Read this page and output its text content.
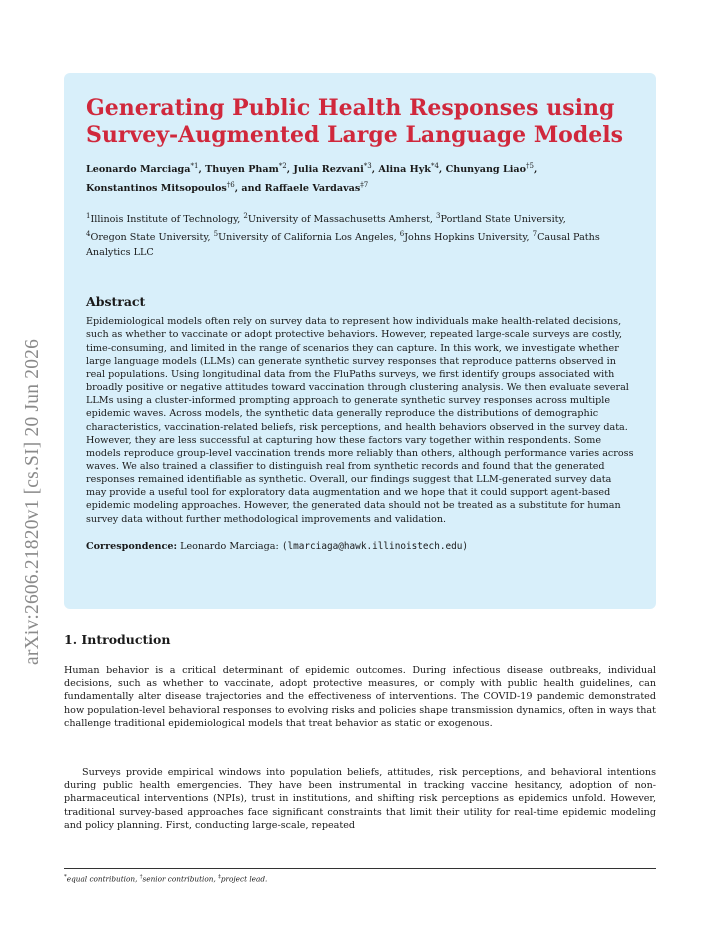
arXiv:2606.21820v1 [cs.SI] 20 Jun 2026
Generating Public Health Responses using Survey-Augmented Large Language Models

Leonardo Marciaga$^{*1}$, Thuyen Pham$^{*2}$, Julia Rezvani$^{*3}$, Alina Hyk$^{*4}$, Chunyang Liao$^{\dagger 5}$,
Konstantinos Mitsopoulos$^{\dagger 6}$, and Raffaele Vardavas$^{\ddagger 7}$

$^1$Illinois Institute of Technology, $^2$University of Massachusetts Amherst, $^3$Portland State University,
$^4$Oregon State University, $^5$University of California Los Angeles, $^6$Johns Hopkins University, $^7$Causal Paths Analytics LLC

Abstract

Epidemiological models often rely on survey data to represent how individuals make health-related decisions, such as whether to vaccinate or adopt protective behaviors. However, repeated large-scale surveys are costly, time-consuming, and limited in the range of scenarios they can capture. In this work, we investigate whether large language models (LLMs) can generate synthetic survey responses that reproduce patterns observed in real populations. Using longitudinal data from the FluPaths surveys, we first identify groups associated with broadly positive or negative attitudes toward vaccination through clustering analysis. We then evaluate several LLMs using a cluster-informed prompting approach to generate synthetic survey responses across multiple epidemic waves. Across models, the synthetic data generally reproduce the distributions of demographic characteristics, vaccination-related beliefs, risk perceptions, and health behaviors observed in the survey data. However, they are less successful at capturing how these factors vary together within respondents. Some models reproduce group-level vaccination trends more reliably than others, although performance varies across waves. We also trained a classifier to distinguish real from synthetic records and found that the generated responses remained identifiable as synthetic. Overall, our findings suggest that LLM-generated survey data may provide a useful tool for exploratory data augmentation and we hope that it could support agent-based epidemic modeling approaches. However, the generated data should not be treated as a substitute for human survey data without further methodological improvements and validation.

Correspondence: Leonardo Marciaga: (lmarciaga@hawk.illinoistech.edu)

1. Introduction

Human behavior is a critical determinant of epidemic outcomes. During infectious disease outbreaks, individual decisions, such as whether to vaccinate, adopt protective measures, or comply with public health guidelines, can fundamentally alter disease trajectories and the effectiveness of interventions. The COVID-19 pandemic demonstrated how population-level behavioral responses to evolving risks and policies shape transmission dynamics, often in ways that challenge traditional epidemiological models that treat behavior as static or exogenous.

Surveys provide empirical windows into population beliefs, attitudes, risk perceptions, and behavioral intentions during public health emergencies. They have been instrumental in tracking vaccine hesitancy, adoption of non-pharmaceutical interventions (NPIs), trust in institutions, and shifting risk perceptions as epidemics unfold. However, traditional survey-based approaches face significant constraints that limit their utility for real-time epidemic modeling and policy planning. First, conducting large-scale, repeated

*equal contribution, †senior contribution, ‡project lead.
